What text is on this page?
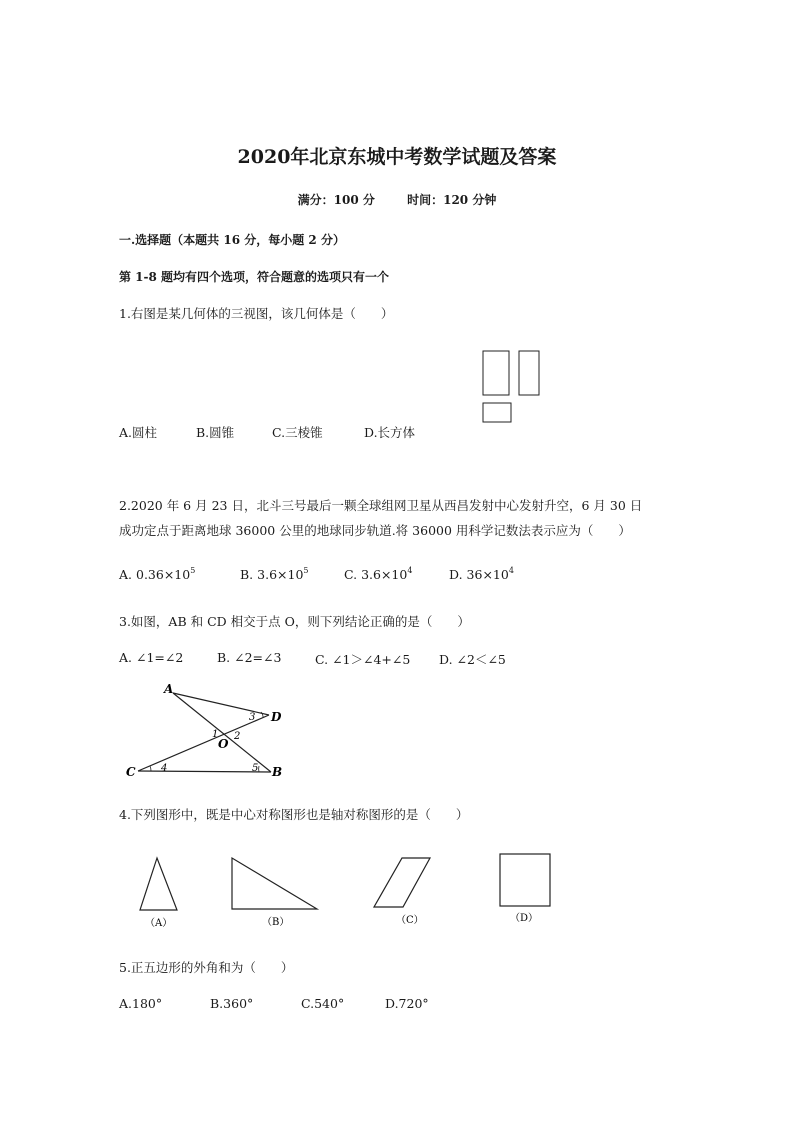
2020年北京东城中考数学试题及答案
满分：100 分	时间：120 分钟
一.选择题（本题共 16 分，每小题 2 分）
第 1-8 题均有四个选项，符合题意的选项只有一个
1.右图是某几何体的三视图，该几何体是（　　）
A.圆柱	B.圆锥	C.三棱锥	D.长方体
2.2020 年 6 月 23 日，北斗三号最后一颗全球组网卫星从西昌发射中心发射升空，6 月 30 日
成功定点于距离地球 36000 公里的地球同步轨道.将 36000 用科学记数法表示应为（　　）
A. $0.36\times 10^5$	B. $3.6\times 10^5$	C. $3.6\times 10^4$	D. $36\times 10^4$
3.如图，AB 和 CD 相交于点 O，则下列结论正确的是（　　）
A. ∠1=∠2	B. ∠2=∠3	C. ∠1＞∠4+∠5 D. ∠2＜∠5
A
B
C
D
O
1 2
3
4	5
4.下列图形中，既是中心对称图形也是轴对称图形的是（　　）
（A）	（B）	（C）	（D）
5.正五边形的外角和为（　　）
A.180°	B.360°	C.540°	D.720°
